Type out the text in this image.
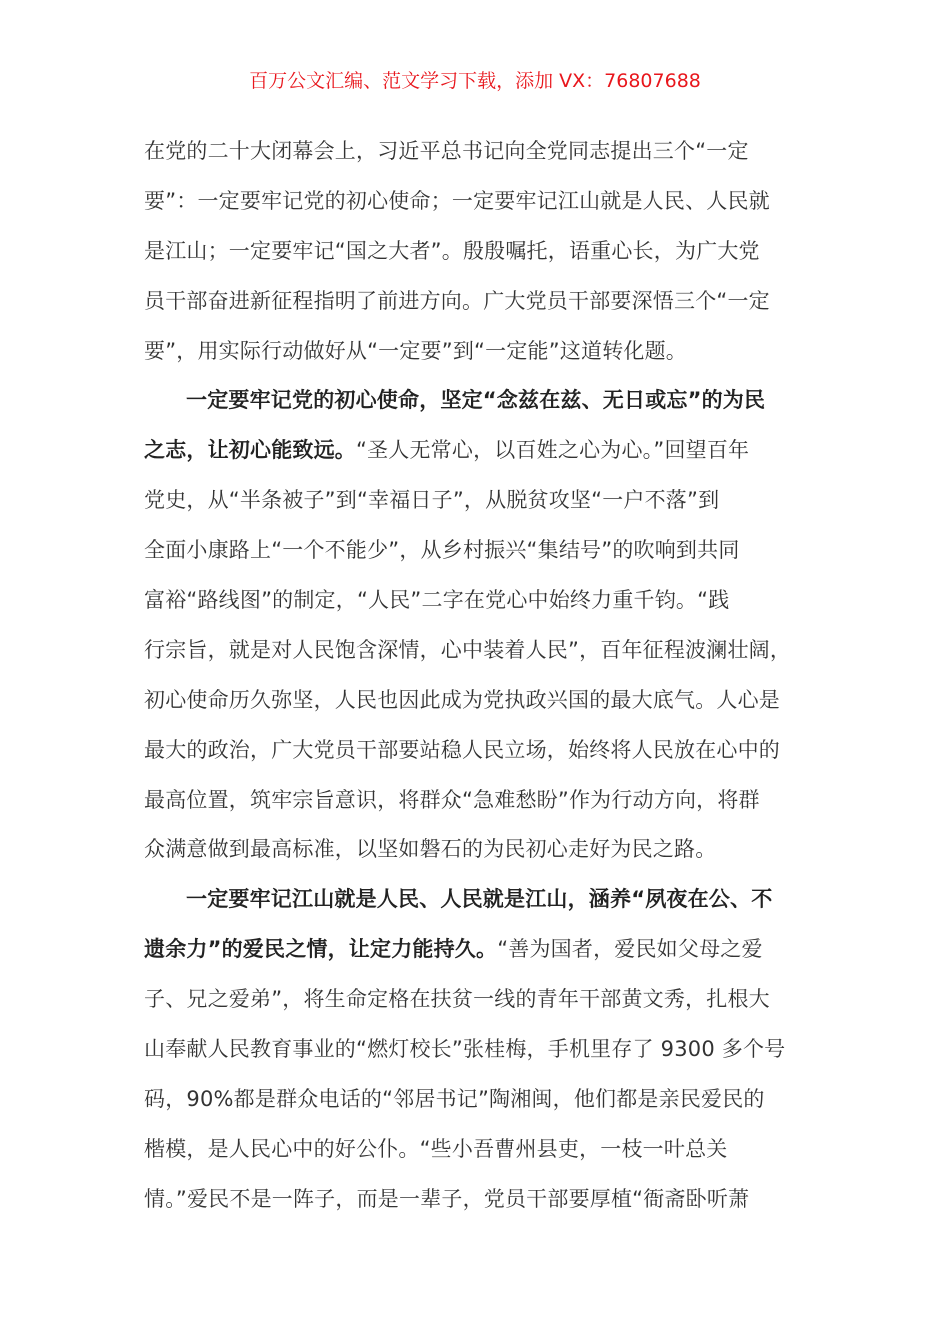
百万公文汇编、范文学习下载，添加 VX：76807688
在党的二十大闭幕会上，习近平总书记向全党同志提出三个“一定
要”：一定要牢记党的初心使命；一定要牢记江山就是人民、人民就
是江山；一定要牢记“国之大者”。殷殷嘱托，语重心长，为广大党
员干部奋进新征程指明了前进方向。广大党员干部要深悟三个“一定
要”，用实际行动做好从“一定要”到“一定能”这道转化题。
一定要牢记党的初心使命，坚定“念兹在兹、无日或忘”的为民
之志，让初心能致远。“圣人无常心，以百姓之心为心。”回望百年
党史，从“半条被子”到“幸福日子”，从脱贫攻坚“一户不落”到
全面小康路上“一个不能少”，从乡村振兴“集结号”的吹响到共同
富裕“路线图”的制定，“人民”二字在党心中始终力重千钧。“践
行宗旨，就是对人民饱含深情，心中装着人民”，百年征程波澜壮阔，
初心使命历久弥坚，人民也因此成为党执政兴国的最大底气。人心是
最大的政治，广大党员干部要站稳人民立场，始终将人民放在心中的
最高位置，筑牢宗旨意识，将群众“急难愁盼”作为行动方向，将群
众满意做到最高标准，以坚如磐石的为民初心走好为民之路。
一定要牢记江山就是人民、人民就是江山，涵养“夙夜在公、不
遗余力”的爱民之情，让定力能持久。“善为国者，爱民如父母之爱
子、兄之爱弟”，将生命定格在扶贫一线的青年干部黄文秀，扎根大
山奉献人民教育事业的“燃灯校长”张桂梅，手机里存了 9300 多个号
码，90%都是群众电话的“邻居书记”陶湘闽，他们都是亲民爱民的
楷模，是人民心中的好公仆。“些小吾曹州县吏，一枝一叶总关
情。”爱民不是一阵子，而是一辈子，党员干部要厚植“衙斋卧听萧
